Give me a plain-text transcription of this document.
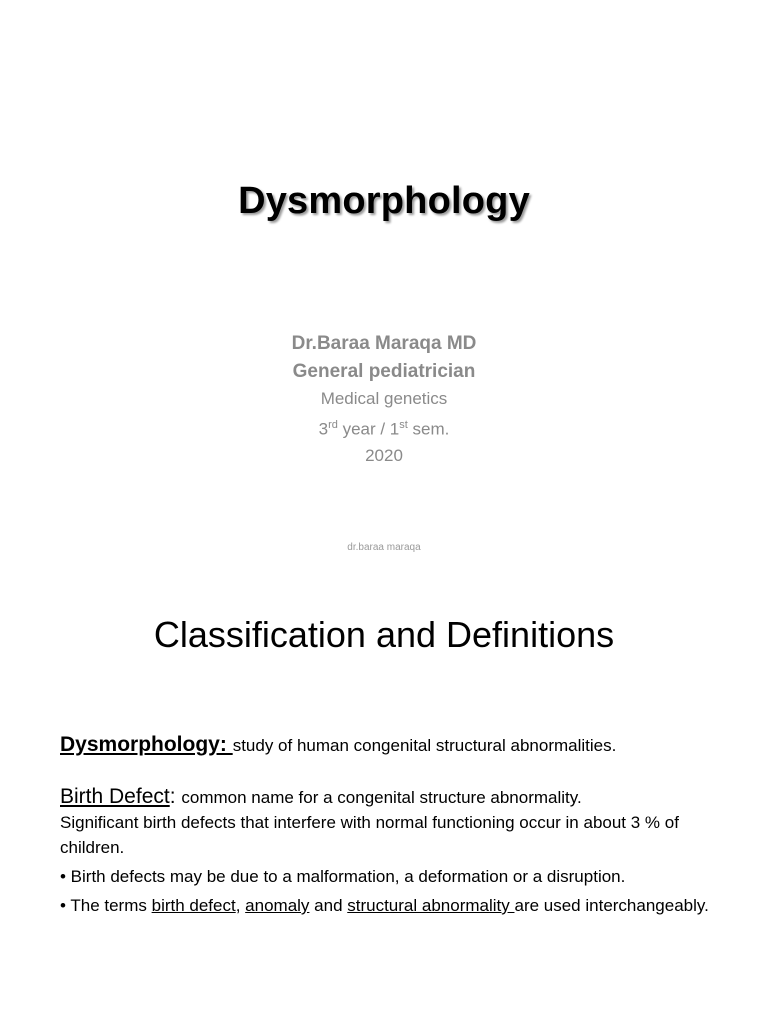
Dysmorphology
Dr.Baraa Maraqa MD
General pediatrician
Medical genetics
3rd year / 1st sem.
2020
dr.baraa maraqa
Classification and Definitions

Dysmorphology: study of human congenital structural abnormalities.

Birth Defect: common name for a congenital structure abnormality.

Significant birth defects that interfere with normal functioning occur in about 3 % of children.

• Birth defects may be due to a malformation, a deformation or a disruption.

• The terms birth defect, anomaly and structural abnormality are used interchangeably.
